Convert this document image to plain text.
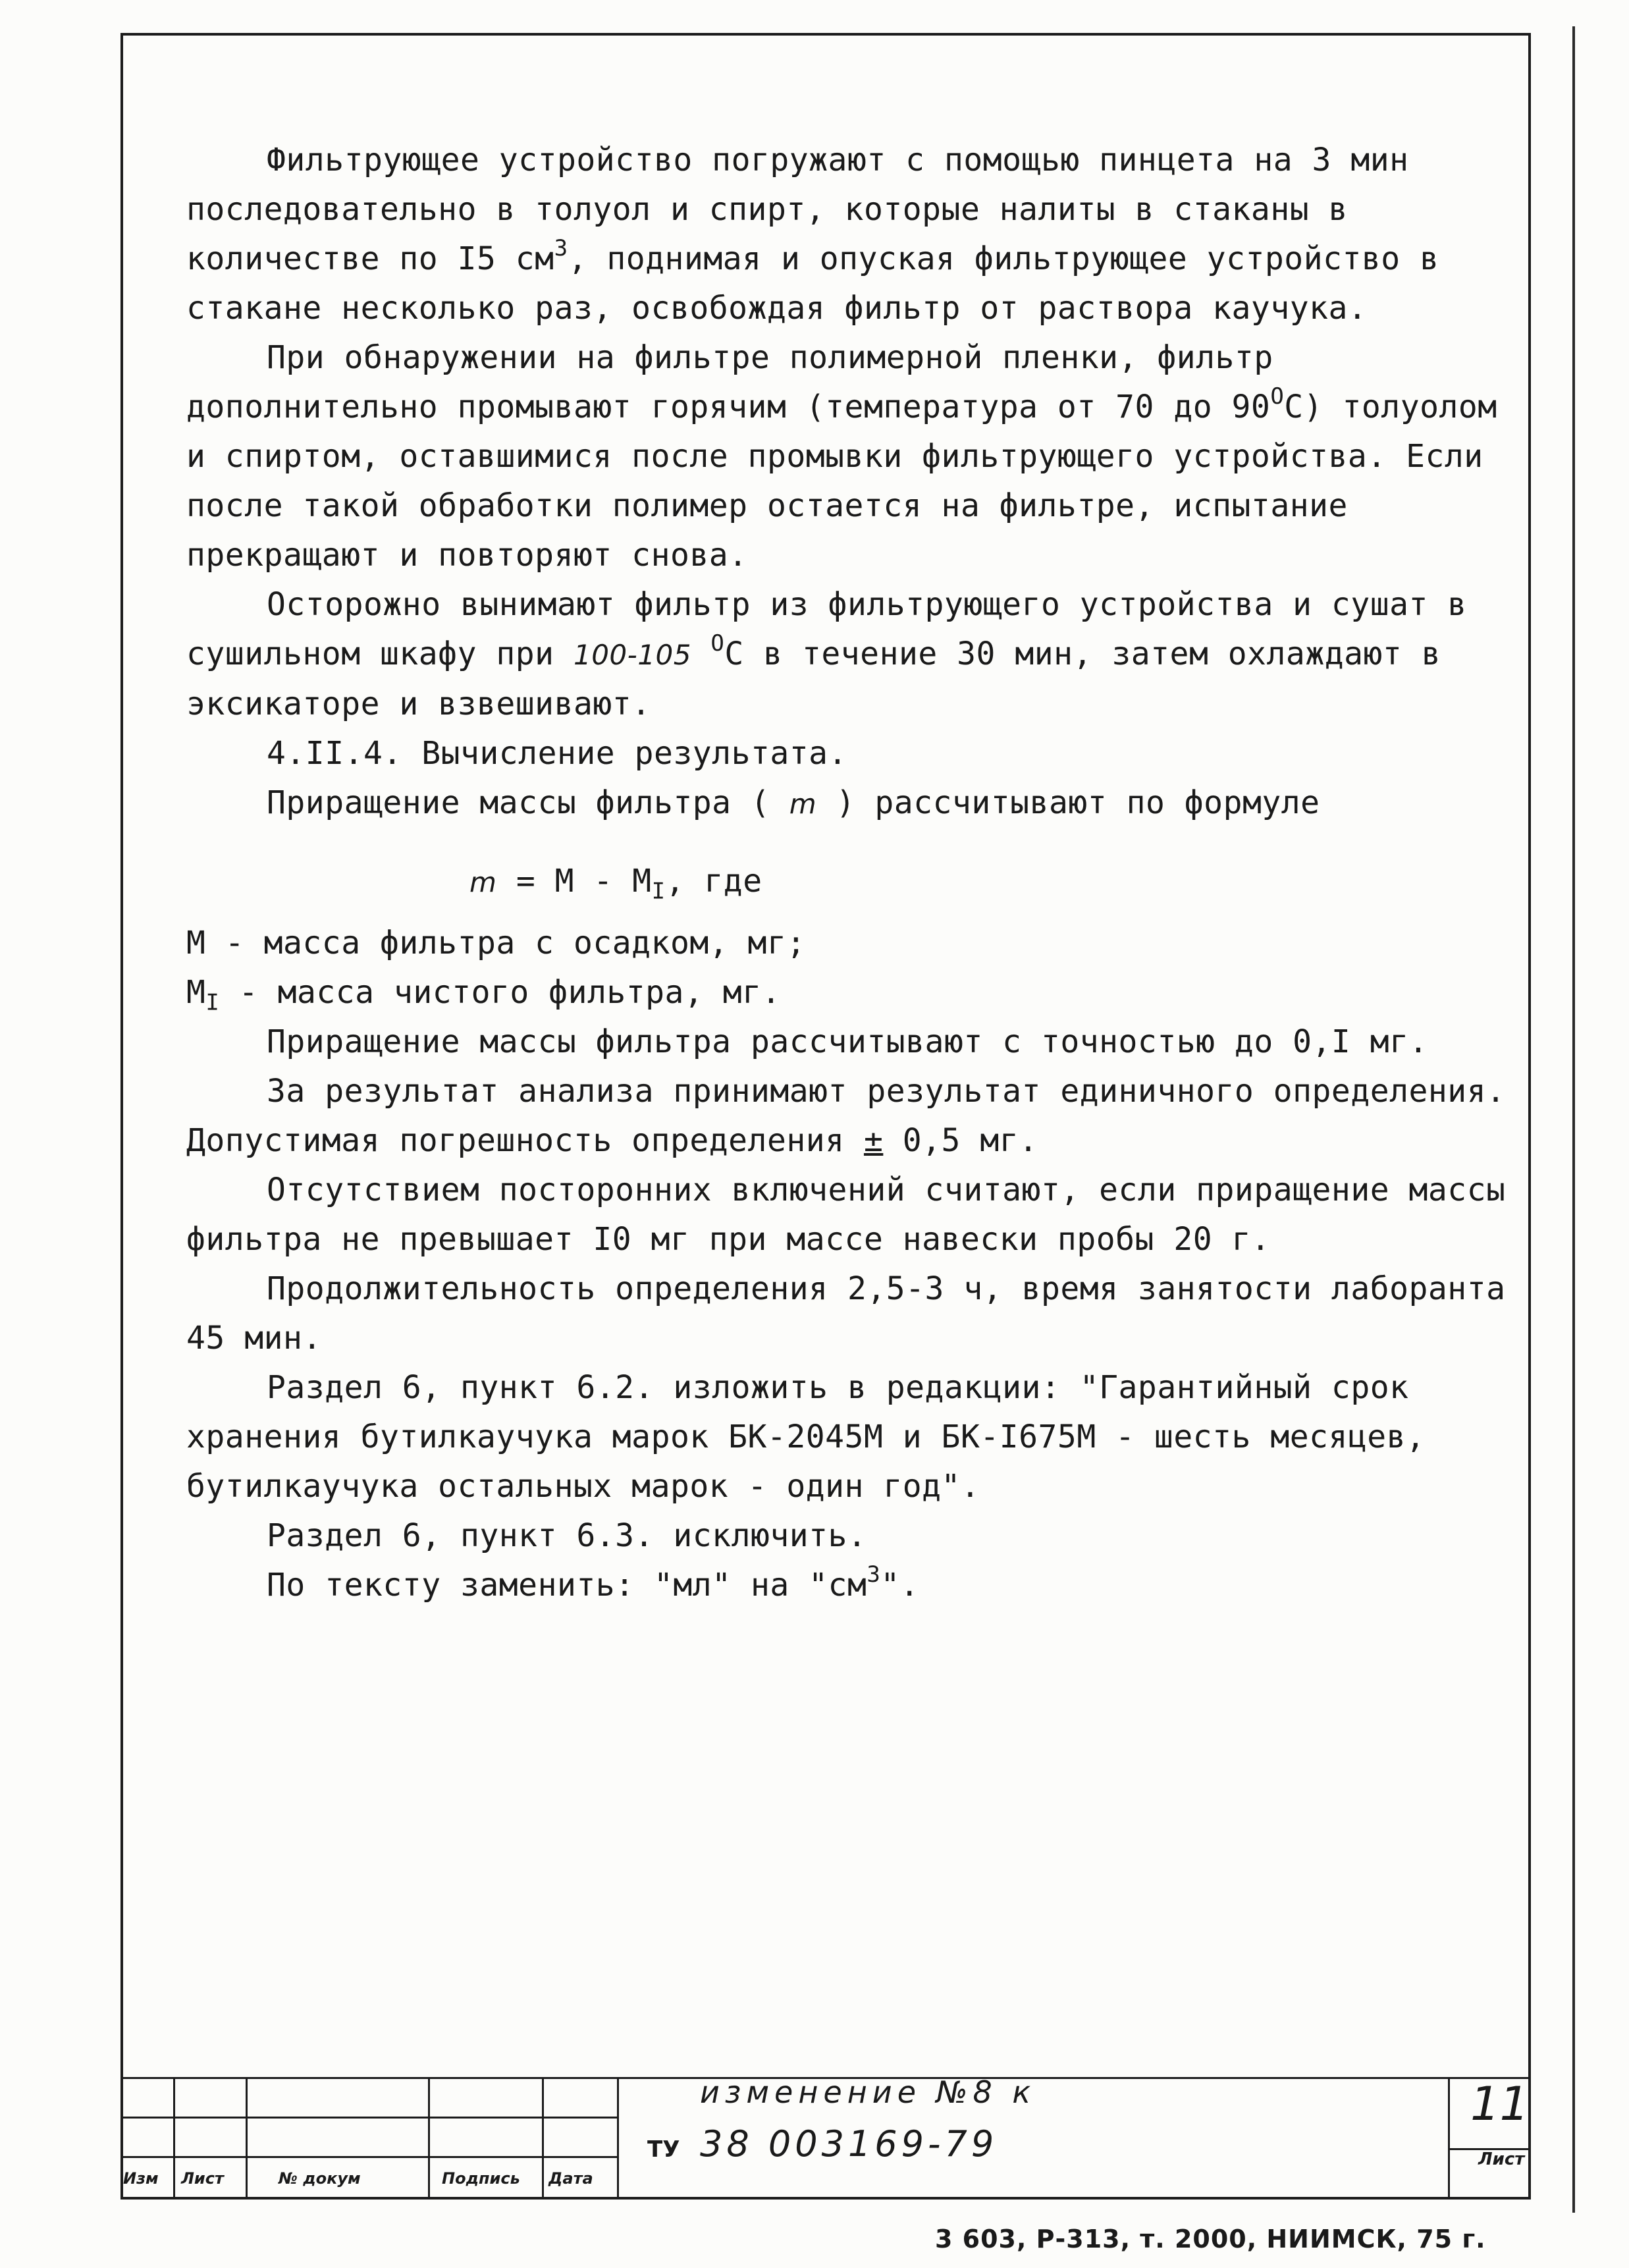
Фильтрующее устройство погружают с помощью пинцета на 3 мин последовательно в толуол и спирт, которые налиты в стаканы в количестве по I5 $см^3$, поднимая и опуская фильтрующее устройство в стакане несколько раз, освобождая фильтр от раствора каучука.

При обнаружении на фильтре полимерной пленки, фильтр дополнительно промывают горячим (температура от 70 до $90^ОС$) толуолом и спиртом, оставшимися после промывки фильтрующего устройства. Если после такой обработки полимер остается на фильтре, испытание прекращают и повторяют снова.

Осторожно вынимают фильтр из фильтрующего устройства и сушат в сушильном шкафу при 100-105 $^О$С в течение 30 мин, затем охлаждают в эксикаторе и взвешивают.

4.II.4. Вычисление результата.

Приращение массы фильтра ( m ) рассчитывают по формуле

$m = М - М_I$, где

М - масса фильтра с осадком, мг;

$М_I$ - масса чистого фильтра, мг.

Приращение массы фильтра рассчитывают с точностью до 0,I мг.

За результат анализа принимают результат единичного определения. Допустимая погрешность определения ± 0,5 мг.

Отсутствием посторонних включений считают, если приращение массы фильтра не превышает I0 мг при массе навески пробы 20 г.

Продолжительность определения 2,5-3 ч, время занятости лаборанта 45 мин.

Раздел 6, пункт 6.2. изложить в редакции: "Гарантийный срок хранения бутилкаучука марок БК-2045М и БК-I675М - шесть месяцев, бутилкаучука остальных марок - один год".

Раздел 6, пункт 6.3. исключить.

По тексту заменить: "мл" на "$см^3$".

Изм Лист	№ докум	Подпись Дата
изменение №8 к
ТУ 38 003169-79
11
Лист
3 603, Р-313, т. 2000, НИИМСК, 75 г.
